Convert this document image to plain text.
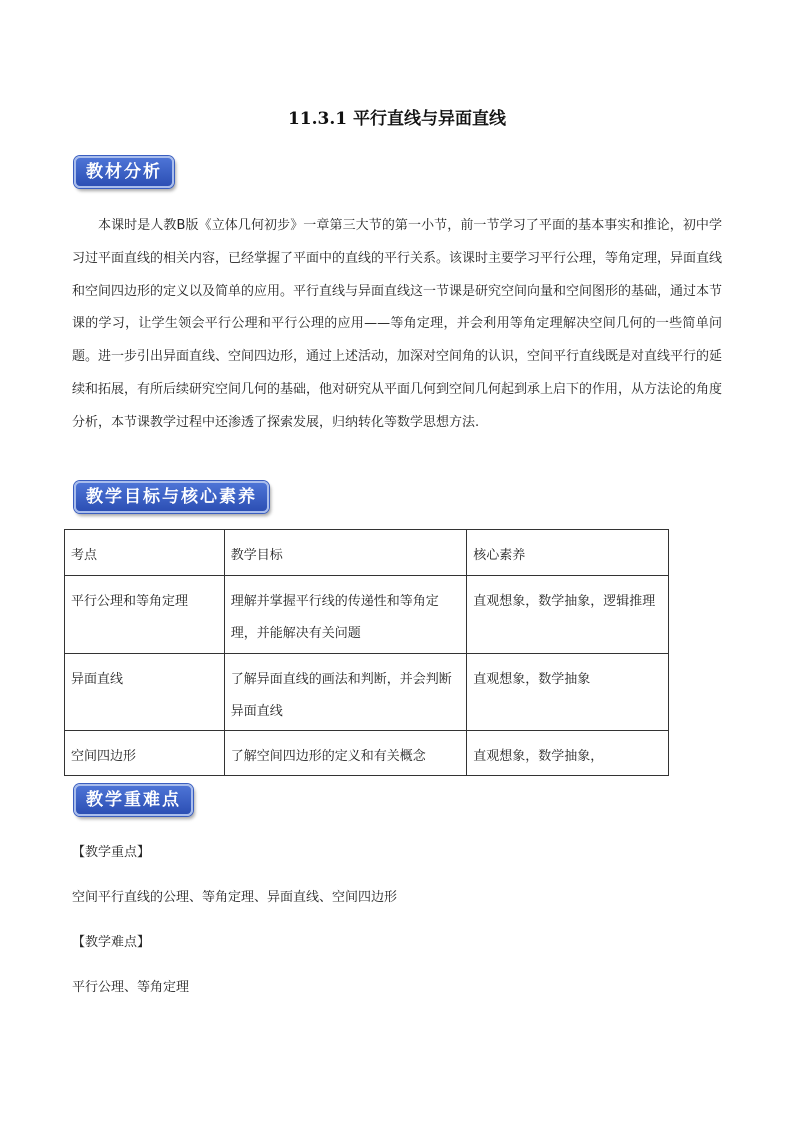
11.3.1 平行直线与异面直线
教材分析
本课时是人教B版《立体几何初步》一章第三大节的第一小节，前一节学习了平面的基本事实和推论，初中学习过平面直线的相关内容，已经掌握了平面中的直线的平行关系。该课时主要学习平行公理，等角定理，异面直线和空间四边形的定义以及简单的应用。平行直线与异面直线这一节课是研究空间向量和空间图形的基础，通过本节课的学习，让学生领会平行公理和平行公理的应用——等角定理，并会利用等角定理解决空间几何的一些简单问题。进一步引出异面直线、空间四边形，通过上述活动，加深对空间角的认识，空间平行直线既是对直线平行的延续和拓展，有所后续研究空间几何的基础，他对研究从平面几何到空间几何起到承上启下的作用，从方法论的角度分析，本节课教学过程中还渗透了探索发展，归纳转化等数学思想方法.
教学目标与核心素养
考点	教学目标	核心素养
平行公理和等角定理	理解并掌握平行线的传递性和等角定理，并能解决有关问题	直观想象，数学抽象，逻辑推理
异面直线	了解异面直线的画法和判断，并会判断异面直线	直观想象，数学抽象
空间四边形	了解空间四边形的定义和有关概念	直观想象，数学抽象，
教学重难点
【教学重点】
空间平行直线的公理、等角定理、异面直线、空间四边形
【教学难点】
平行公理、等角定理
